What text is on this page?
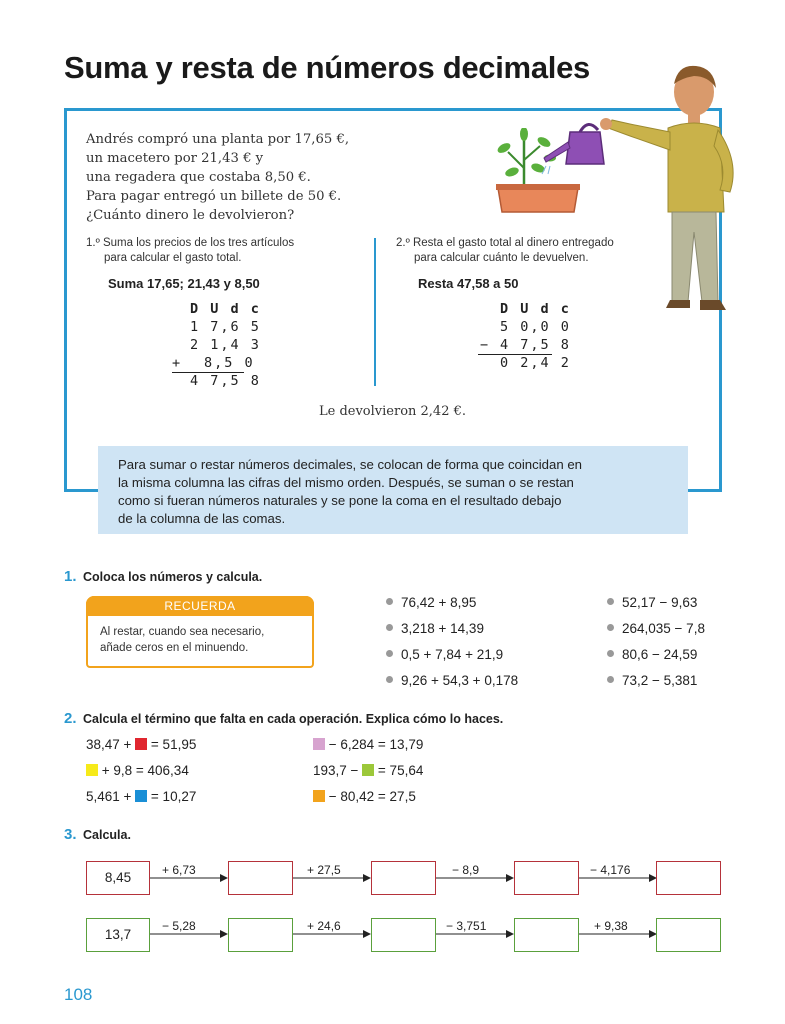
Suma y resta de números decimales
Andrés compró una planta por 17,65 €,
un macetero por 21,43 € y
una regadera que costaba 8,50 €.
Para pagar entregó un billete de 50 €.
¿Cuánto dinero le devolvieron?
1.º Suma los precios de los tres artículos
para calcular el gasto total.
Suma 17,65; 21,43 y 8,50
D U d c
1 7,6 5
2 1,4 3
+ 8,5 0
4 7,5 8
2.º Resta el gasto total al dinero entregado
para calcular cuánto le devuelven.
Resta 47,58 a 50
D U d c
5 0,0 0
− 4 7,5 8
0 2,4 2
Le devolvieron 2,42 €.
Para sumar o restar números decimales, se colocan de forma que coincidan en
la misma columna las cifras del mismo orden. Después, se suman o se restan
como si fueran números naturales y se pone la coma en el resultado debajo
de la columna de las comas.
1. Coloca los números y calcula.
RECUERDA
Al restar, cuando sea necesario,
añade ceros en el minuendo.
76,42 + 8,95
3,218 + 14,39
0,5 + 7,84 + 21,9
9,26 + 54,3 + 0,178
52,17 − 9,63
264,035 − 7,8
80,6 − 24,59
73,2 − 5,381
2. Calcula el término que falta en cada operación. Explica cómo lo haces.
38,47 +  = 51,95
+ 9,8 = 406,34
5,461 +  = 10,27
− 6,284 = 13,79
193,7 −  = 75,64
− 80,42 = 27,5
3. Calcula.
8,45	+ 6,73	+ 27,5	− 8,9	− 4,176
13,7
− 5,28	+ 24,6	− 3,751	+ 9,38
108
